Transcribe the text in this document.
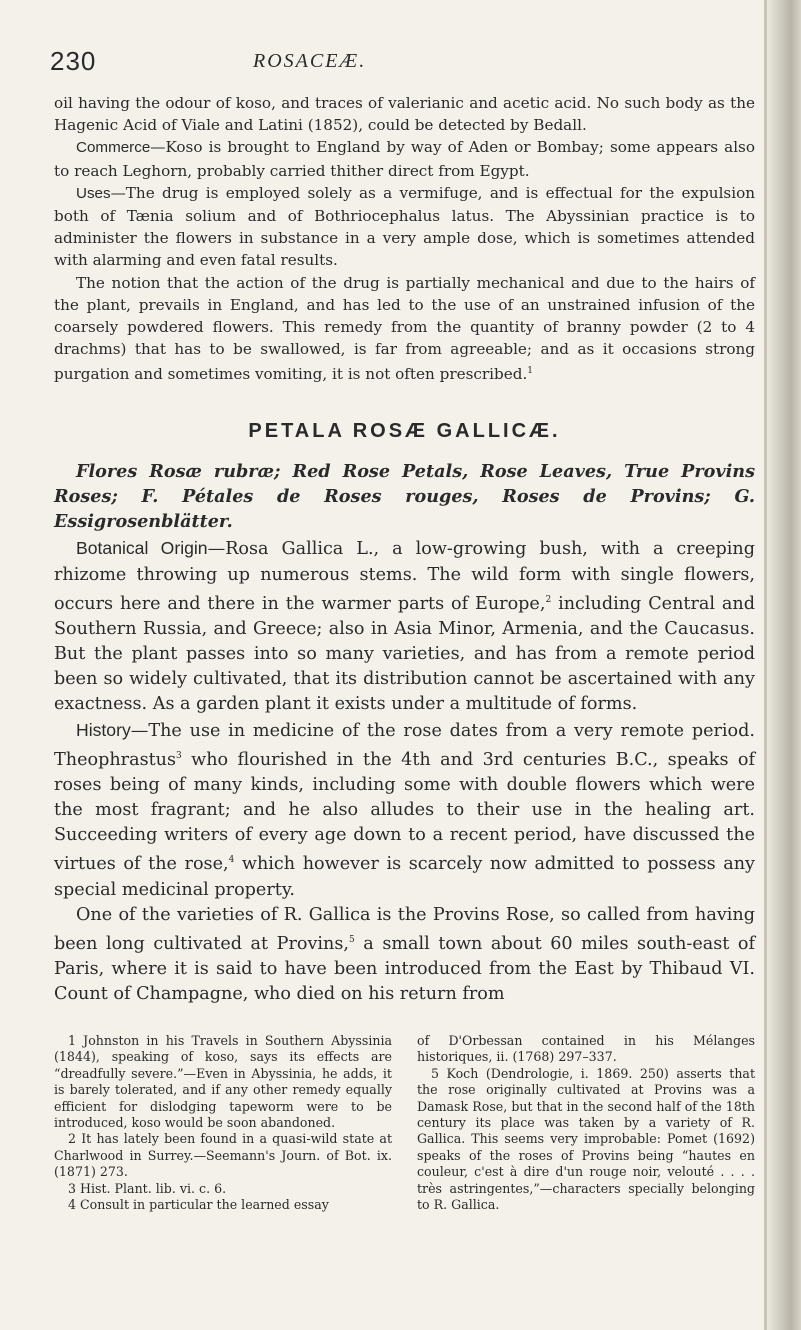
230	ROSACEÆ.

oil having the odour of koso, and traces of valerianic and acetic acid. No such body as the Hagenic Acid of Viale and Latini (1852), could be detected by Bedall.

Commerce—Koso is brought to England by way of Aden or Bombay; some appears also to reach Leghorn, probably carried thither direct from Egypt.

Uses—The drug is employed solely as a vermifuge, and is effectual for the expulsion both of Tænia solium and of Bothriocephalus latus. The Abyssinian practice is to administer the flowers in substance in a very ample dose, which is sometimes attended with alarming and even fatal results.

The notion that the action of the drug is partially mechanical and due to the hairs of the plant, prevails in England, and has led to the use of an unstrained infusion of the coarsely powdered flowers. This remedy from the quantity of branny powder (2 to 4 drachms) that has to be swallowed, is far from agreeable; and as it occasions strong purgation and sometimes vomiting, it is not often prescribed.$^1$

PETALA ROSÆ GALLICÆ.

Flores Rosæ rubræ; Red Rose Petals, Rose Leaves, True Provins Roses; F. Pétales de Roses rouges, Roses de Provins; G. Essigrosenblätter.

Botanical Origin—Rosa Gallica L., a low-growing bush, with a creeping rhizome throwing up numerous stems. The wild form with single flowers, occurs here and there in the warmer parts of Europe,$^2$ including Central and Southern Russia, and Greece; also in Asia Minor, Armenia, and the Caucasus. But the plant passes into so many varieties, and has from a remote period been so widely cultivated, that its distribution cannot be ascertained with any exactness. As a garden plant it exists under a multitude of forms.

History—The use in medicine of the rose dates from a very remote period. Theophrastus$^3$ who flourished in the 4th and 3rd centuries B.C., speaks of roses being of many kinds, including some with double flowers which were the most fragrant; and he also alludes to their use in the healing art. Succeeding writers of every age down to a recent period, have discussed the virtues of the rose,$^4$ which however is scarcely now admitted to possess any special medicinal property.

One of the varieties of R. Gallica is the Provins Rose, so called from having been long cultivated at Provins,$^5$ a small town about 60 miles south-east of Paris, where it is said to have been introduced from the East by Thibaud VI. Count of Champagne, who died on his return from

1 Johnston in his Travels in Southern Abyssinia (1844), speaking of koso, says its effects are “dreadfully severe.”—Even in Abyssinia, he adds, it is barely tolerated, and if any other remedy equally efficient for dislodging tapeworm were to be introduced, koso would be soon abandoned.

2 It has lately been found in a quasi-wild state at Charlwood in Surrey.—Seemann's Journ. of Bot. ix. (1871) 273.

3 Hist. Plant. lib. vi. c. 6.

4 Consult in particular the learned essay

of D'Orbessan contained in his Mélanges historiques, ii. (1768) 297–337.

5 Koch (Dendrologie, i. 1869. 250) asserts that the rose originally cultivated at Provins was a Damask Rose, but that in the second half of the 18th century its place was taken by a variety of R. Gallica. This seems very improbable: Pomet (1692) speaks of the roses of Provins being “hautes en couleur, c'est à dire d'un rouge noir, velouté . . . . très astringentes,”—characters specially belonging to R. Gallica.
